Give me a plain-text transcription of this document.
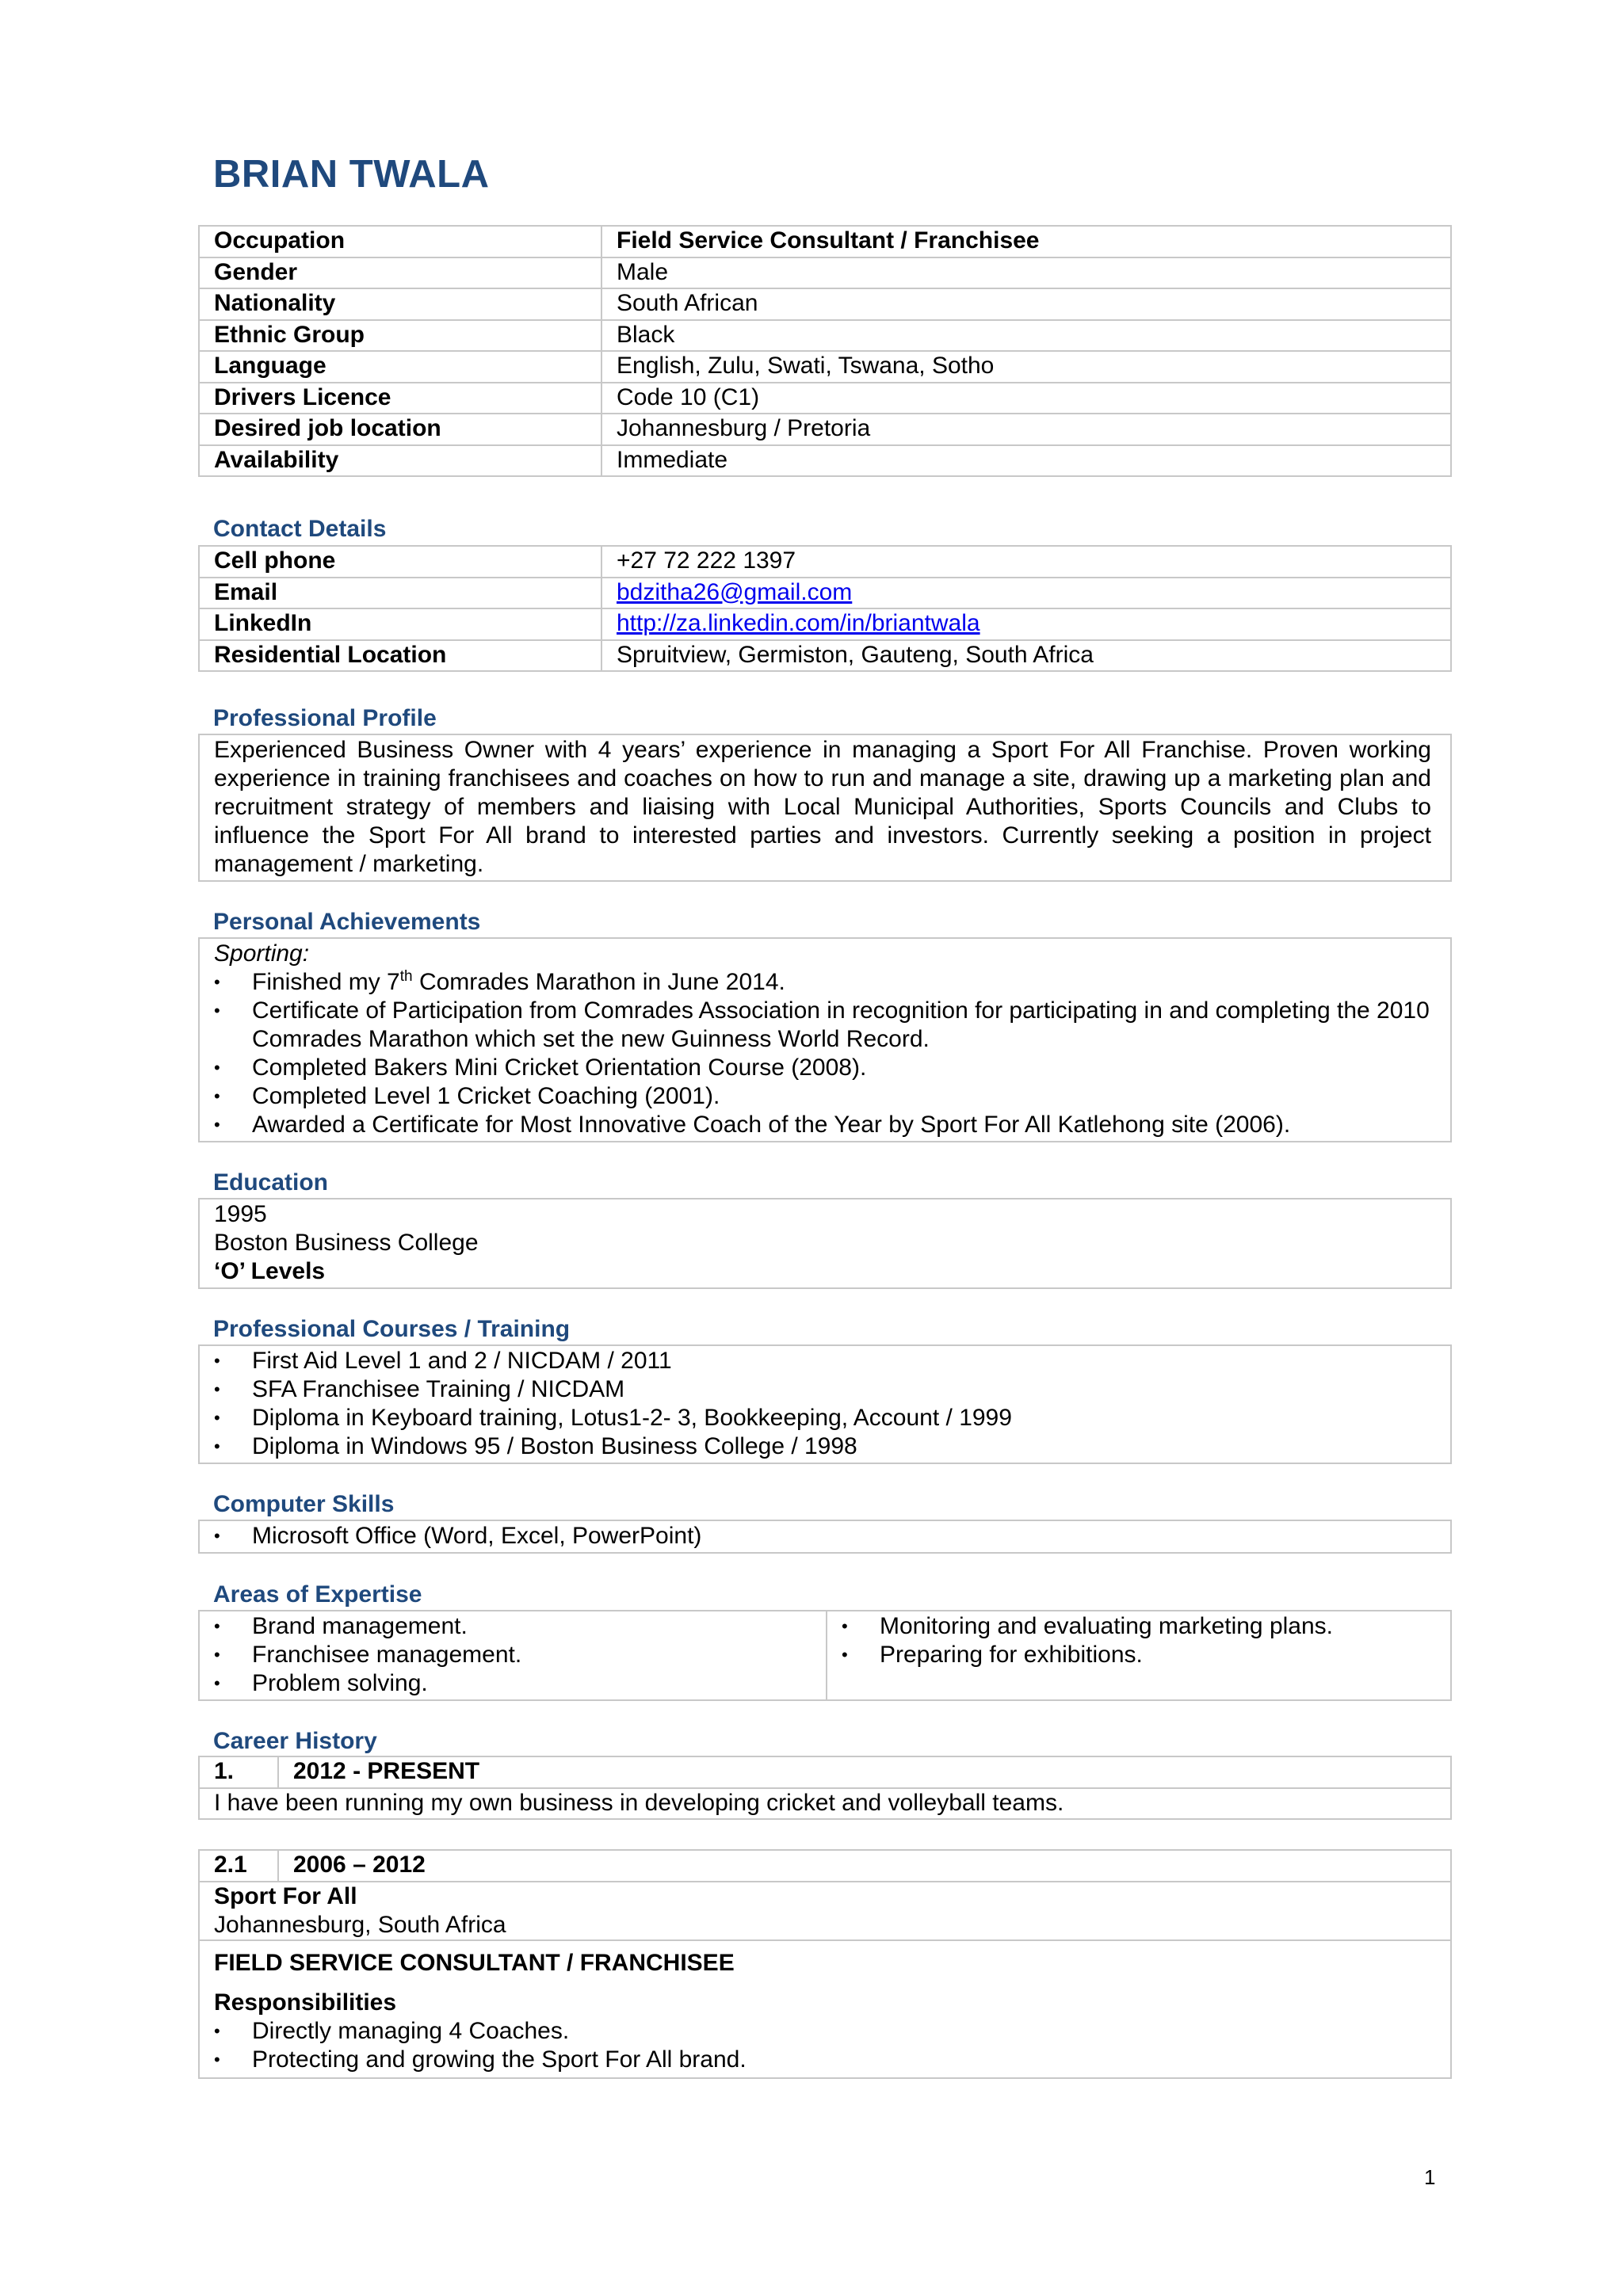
BRIAN TWALA
Occupation	Field Service Consultant / Franchisee
Gender	Male
Nationality	South African
Ethnic Group	Black
Language	English, Zulu, Swati, Tswana, Sotho
Drivers Licence	Code 10 (C1)
Desired job location	Johannesburg / Pretoria
Availability	Immediate
Contact Details
Cell phone	+27 72 222 1397
Email	bdzitha26@gmail.com
LinkedIn	http://za.linkedin.com/in/briantwala
Residential Location	Spruitview, Germiston, Gauteng, South Africa
Professional Profile
Experienced Business Owner with 4 years’ experience in managing a Sport For All Franchise. Proven working experience in training franchisees and coaches on how to run and manage a site, drawing up a marketing plan and recruitment strategy of members and liaising with Local Municipal Authorities, Sports Councils and Clubs to influence the Sport For All brand to interested parties and investors. Currently seeking a position in project management / marketing.
Personal Achievements
Sporting:
• Finished my 7th Comrades Marathon in June 2014.
• Certificate of Participation from Comrades Association in recognition for participating in and completing the 2010 Comrades Marathon which set the new Guinness World Record.
• Completed Bakers Mini Cricket Orientation Course (2008).
• Completed Level 1 Cricket Coaching (2001).
• Awarded a Certificate for Most Innovative Coach of the Year by Sport For All Katlehong site (2006).
Education
1995
Boston Business College
‘O’ Levels
Professional Courses / Training
• First Aid Level 1 and 2 / NICDAM / 2011
• SFA Franchisee Training / NICDAM
• Diploma in Keyboard training, Lotus1-2- 3, Bookkeeping, Account / 1999
• Diploma in Windows 95 / Boston Business College / 1998
Computer Skills
• Microsoft Office (Word, Excel, PowerPoint)
Areas of Expertise
• Brand management.
• Franchisee management.
• Problem solving.
• Monitoring and evaluating marketing plans.
• Preparing for exhibitions.
Career History
1.	2012 - PRESENT
I have been running my own business in developing cricket and volleyball teams.
2.1	2006 – 2012

Sport For All
Johannesburg, South Africa

FIELD SERVICE CONSULTANT / FRANCHISEE
Responsibilities
• Directly managing 4 Coaches.
• Protecting and growing the Sport For All brand.
1
